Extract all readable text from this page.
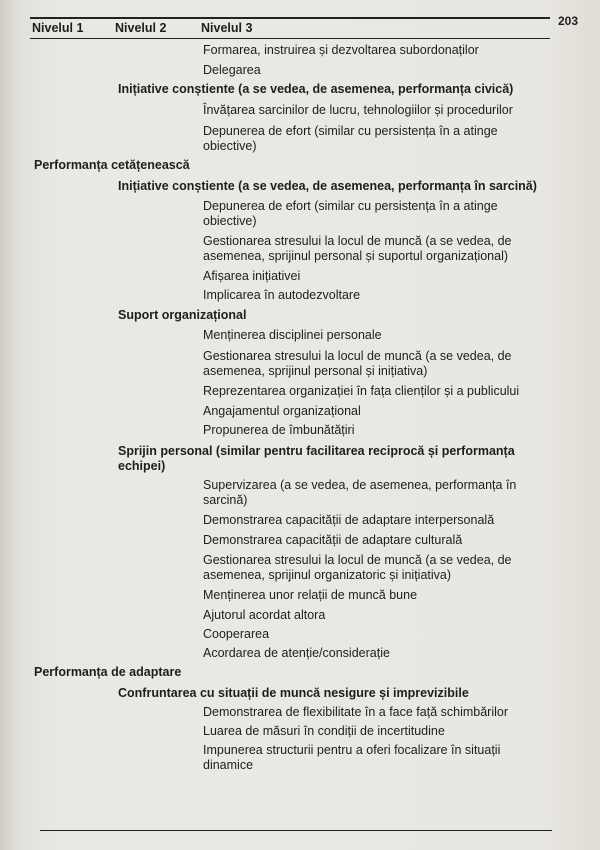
Nivelul 1	Nivelul 2	Nivelul 3	203
Formarea, instruirea și dezvoltarea subordonaților
Delegarea
Inițiative conștiente (a se vedea, de asemenea, performanța civică)
Învățarea sarcinilor de lucru, tehnologiilor și procedurilor
Depunerea de efort (similar cu persistența în a atinge obiective)
Performanța cetățenească
Inițiative conștiente (a se vedea, de asemenea, performanța în sarcină)
Depunerea de efort (similar cu persistența în a atinge obiective)
Gestionarea stresului la locul de muncă (a se vedea, de asemenea, sprijinul personal și suportul organizațional)
Afișarea inițiativei
Implicarea în autodezvoltare
Suport organizațional
Menținerea disciplinei personale
Gestionarea stresului la locul de muncă (a se vedea, de asemenea, sprijinul personal și inițiativa)
Reprezentarea organizației în fața clienților și a publicului
Angajamentul organizațional
Propunerea de îmbunătățiri
Sprijin personal (similar pentru facilitarea reciprocă și performanța echipei)
Supervizarea (a se vedea, de asemenea, performanța în sarcină)
Demonstrarea capacității de adaptare interpersonală
Demonstrarea capacității de adaptare culturală
Gestionarea stresului la locul de muncă (a se vedea, de asemenea, sprijinul organizatoric și inițiativa)
Menținerea unor relații de muncă bune
Ajutorul acordat altora
Cooperarea
Acordarea de atenție/considerație
Performanța de adaptare
Confruntarea cu situații de muncă nesigure și imprevizibile
Demonstrarea de flexibilitate în a face față schimbărilor
Luarea de măsuri în condiții de incertitudine
Impunerea structurii pentru a oferi focalizare în situații dinamice
